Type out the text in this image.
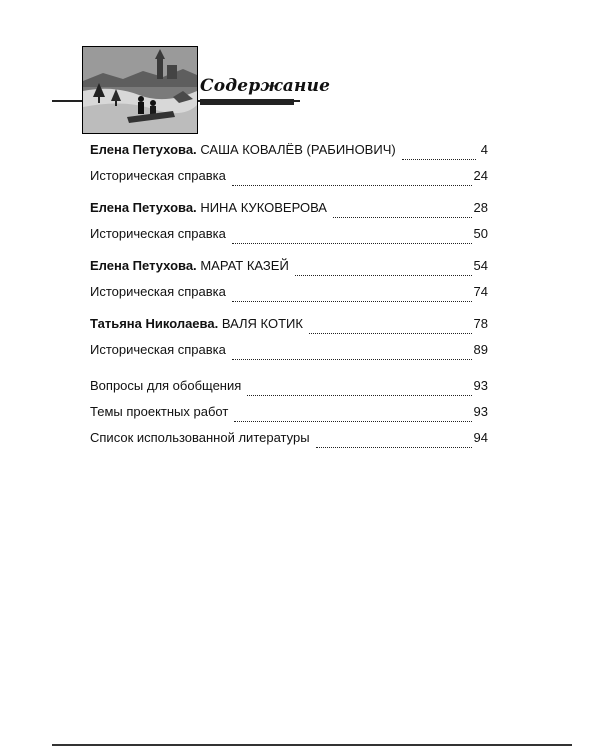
Содержание
Елена Петухова. САША КОВАЛЁВ (РАБИНОВИЧ)	4
Историческая справка	24
Елена Петухова. НИНА КУКОВЕРОВА	28
Историческая справка	50
Елена Петухова. МАРАТ КАЗЕЙ	54
Историческая справка	74
Татьяна Николаева. ВАЛЯ КОТИК	78
Историческая справка	89
Вопросы для обобщения	93
Темы проектных работ	93
Список использованной литературы	94
